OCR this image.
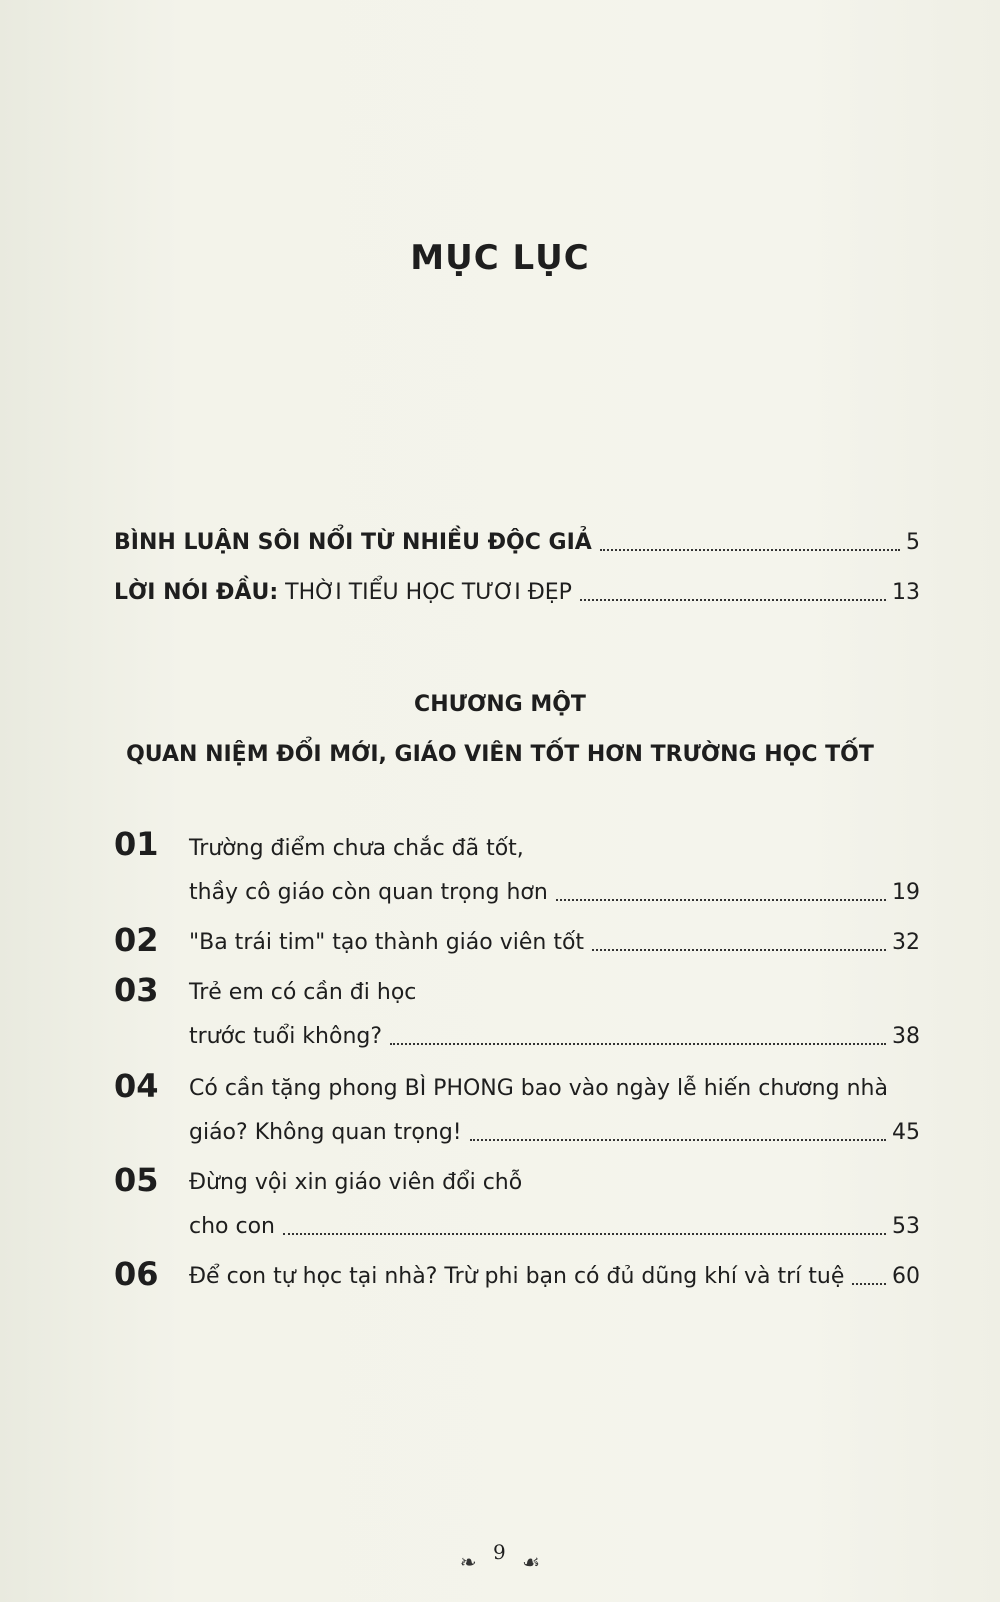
MỤC LỤC
BÌNH LUẬN SÔI NỔI TỪ NHIỀU ĐỘC GIẢ	5
LỜI NÓI ĐẦU: THỜI TIỂU HỌC TƯƠI ĐẸP	13
CHƯƠNG MỘT
QUAN NIỆM ĐỔI MỚI, GIÁO VIÊN TỐT HƠN TRƯỜNG HỌC TỐT
01 Trường điểm chưa chắc đã tốt,
thầy cô giáo còn quan trọng hơn	19
02 "Ba trái tim" tạo thành giáo viên tốt	32
03 Trẻ em có cần đi học
trước tuổi không?	38
04 Có cần tặng phong BÌ PHONG bao vào ngày lễ hiến chương nhà
giáo? Không quan trọng!	45
05 Đừng vội xin giáo viên đổi chỗ
cho con	53
06 Để con tự học tại nhà? Trừ phi bạn có đủ dũng khí và trí tuệ 60
❧ 9 ☙
